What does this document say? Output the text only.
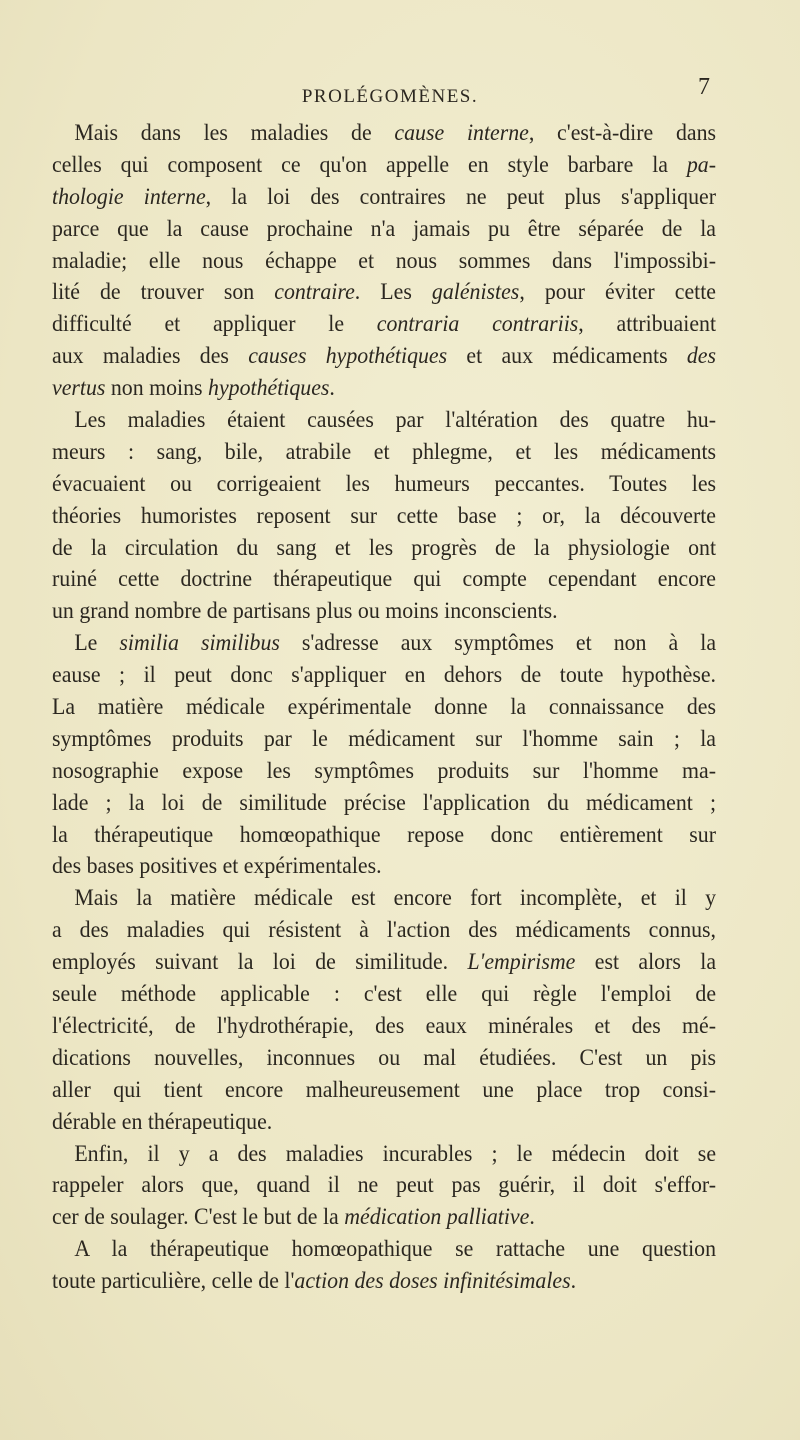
PROLÉGOMÈNES.	7
Mais dans les maladies de cause interne, c'est-à-dire dans
celles qui composent ce qu'on appelle en style barbare la pa-
thologie interne, la loi des contraires ne peut plus s'appliquer
parce que la cause prochaine n'a jamais pu être séparée de la
maladie; elle nous échappe et nous sommes dans l'impossibi-
lité de trouver son contraire. Les galénistes, pour éviter cette
difficulté et appliquer le contraria contrariis, attribuaient
aux maladies des causes hypothétiques et aux médicaments des
vertus non moins hypothétiques.
Les maladies étaient causées par l'altération des quatre hu-
meurs : sang, bile, atrabile et phlegme, et les médicaments
évacuaient ou corrigeaient les humeurs peccantes. Toutes les
théories humoristes reposent sur cette base ; or, la découverte
de la circulation du sang et les progrès de la physiologie ont
ruiné cette doctrine thérapeutique qui compte cependant encore
un grand nombre de partisans plus ou moins inconscients.
Le similia similibus s'adresse aux symptômes et non à la
eause ; il peut donc s'appliquer en dehors de toute hypothèse.
La matière médicale expérimentale donne la connaissance des
symptômes produits par le médicament sur l'homme sain ; la
nosographie expose les symptômes produits sur l'homme ma-
lade ; la loi de similitude précise l'application du médicament ;
la thérapeutique homœopathique repose donc entièrement sur
des bases positives et expérimentales.
Mais la matière médicale est encore fort incomplète, et il y
a des maladies qui résistent à l'action des médicaments connus,
employés suivant la loi de similitude. L'empirisme est alors la
seule méthode applicable : c'est elle qui règle l'emploi de
l'électricité, de l'hydrothérapie, des eaux minérales et des mé-
dications nouvelles, inconnues ou mal étudiées. C'est un pis
aller qui tient encore malheureusement une place trop consi-
dérable en thérapeutique.
Enfin, il y a des maladies incurables ; le médecin doit se
rappeler alors que, quand il ne peut pas guérir, il doit s'effor-
cer de soulager. C'est le but de la médication palliative.
A la thérapeutique homœopathique se rattache une question
toute particulière, celle de l'action des doses infinitésimales.
